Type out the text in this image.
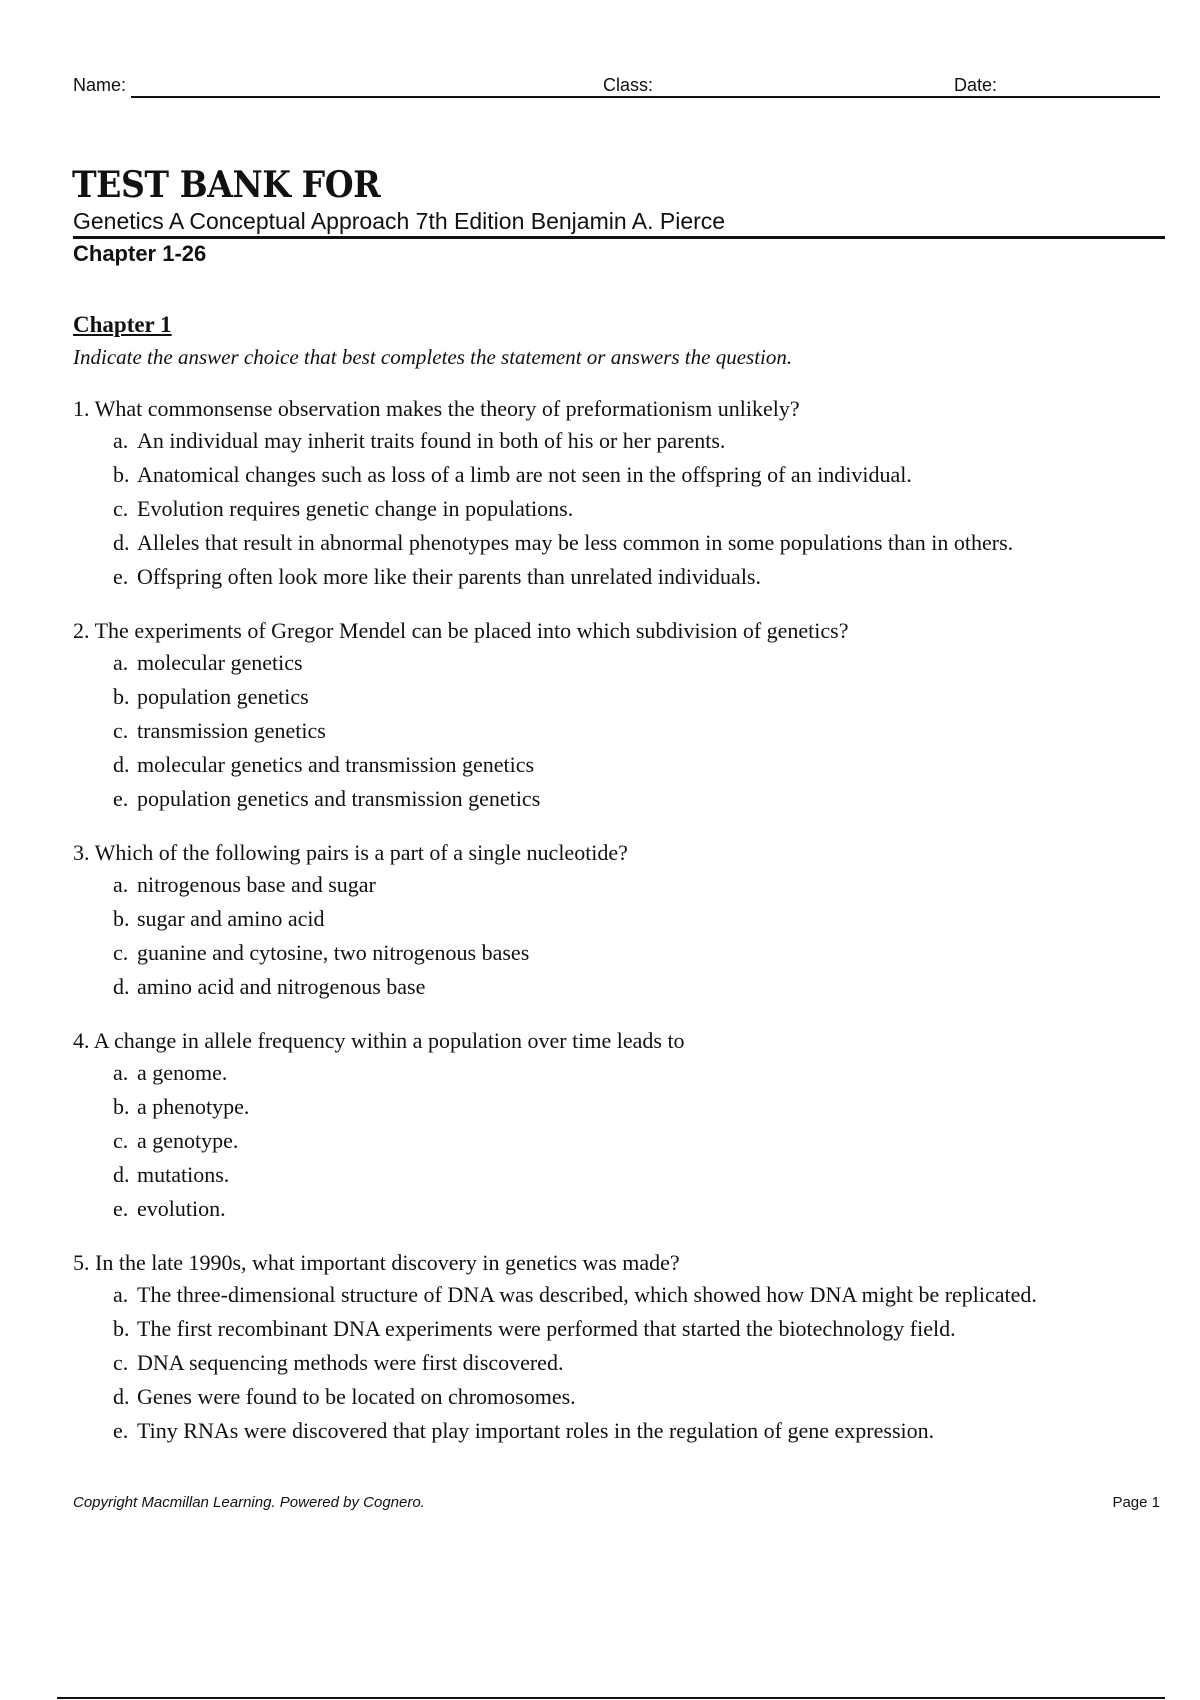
Name:	Class:	Date:
TEST BANK FOR
Genetics A Conceptual Approach 7th Edition Benjamin A. Pierce
Chapter 1-26
Chapter 1

Indicate the answer choice that best completes the statement or answers the question.

1. What commonsense observation makes the theory of preformationism unlikely?
a. An individual may inherit traits found in both of his or her parents.
b. Anatomical changes such as loss of a limb are not seen in the offspring of an individual.
c. Evolution requires genetic change in populations.
d. Alleles that result in abnormal phenotypes may be less common in some populations than in others.
e. Offspring often look more like their parents than unrelated individuals.
2. The experiments of Gregor Mendel can be placed into which subdivision of genetics?
a. molecular genetics
b. population genetics
c. transmission genetics
d. molecular genetics and transmission genetics
e. population genetics and transmission genetics
3. Which of the following pairs is a part of a single nucleotide?
a. nitrogenous base and sugar
b. sugar and amino acid
c. guanine and cytosine, two nitrogenous bases
d. amino acid and nitrogenous base
4. A change in allele frequency within a population over time leads to
a. a genome.
b. a phenotype.
c. a genotype.
d. mutations.
e. evolution.
5. In the late 1990s, what important discovery in genetics was made?
a. The three-dimensional structure of DNA was described, which showed how DNA might be replicated.
b. The first recombinant DNA experiments were performed that started the biotechnology field.
c. DNA sequencing methods were first discovered.
d. Genes were found to be located on chromosomes.
e. Tiny RNAs were discovered that play important roles in the regulation of gene expression.
Copyright Macmillan Learning. Powered by Cognero.	Page 1
